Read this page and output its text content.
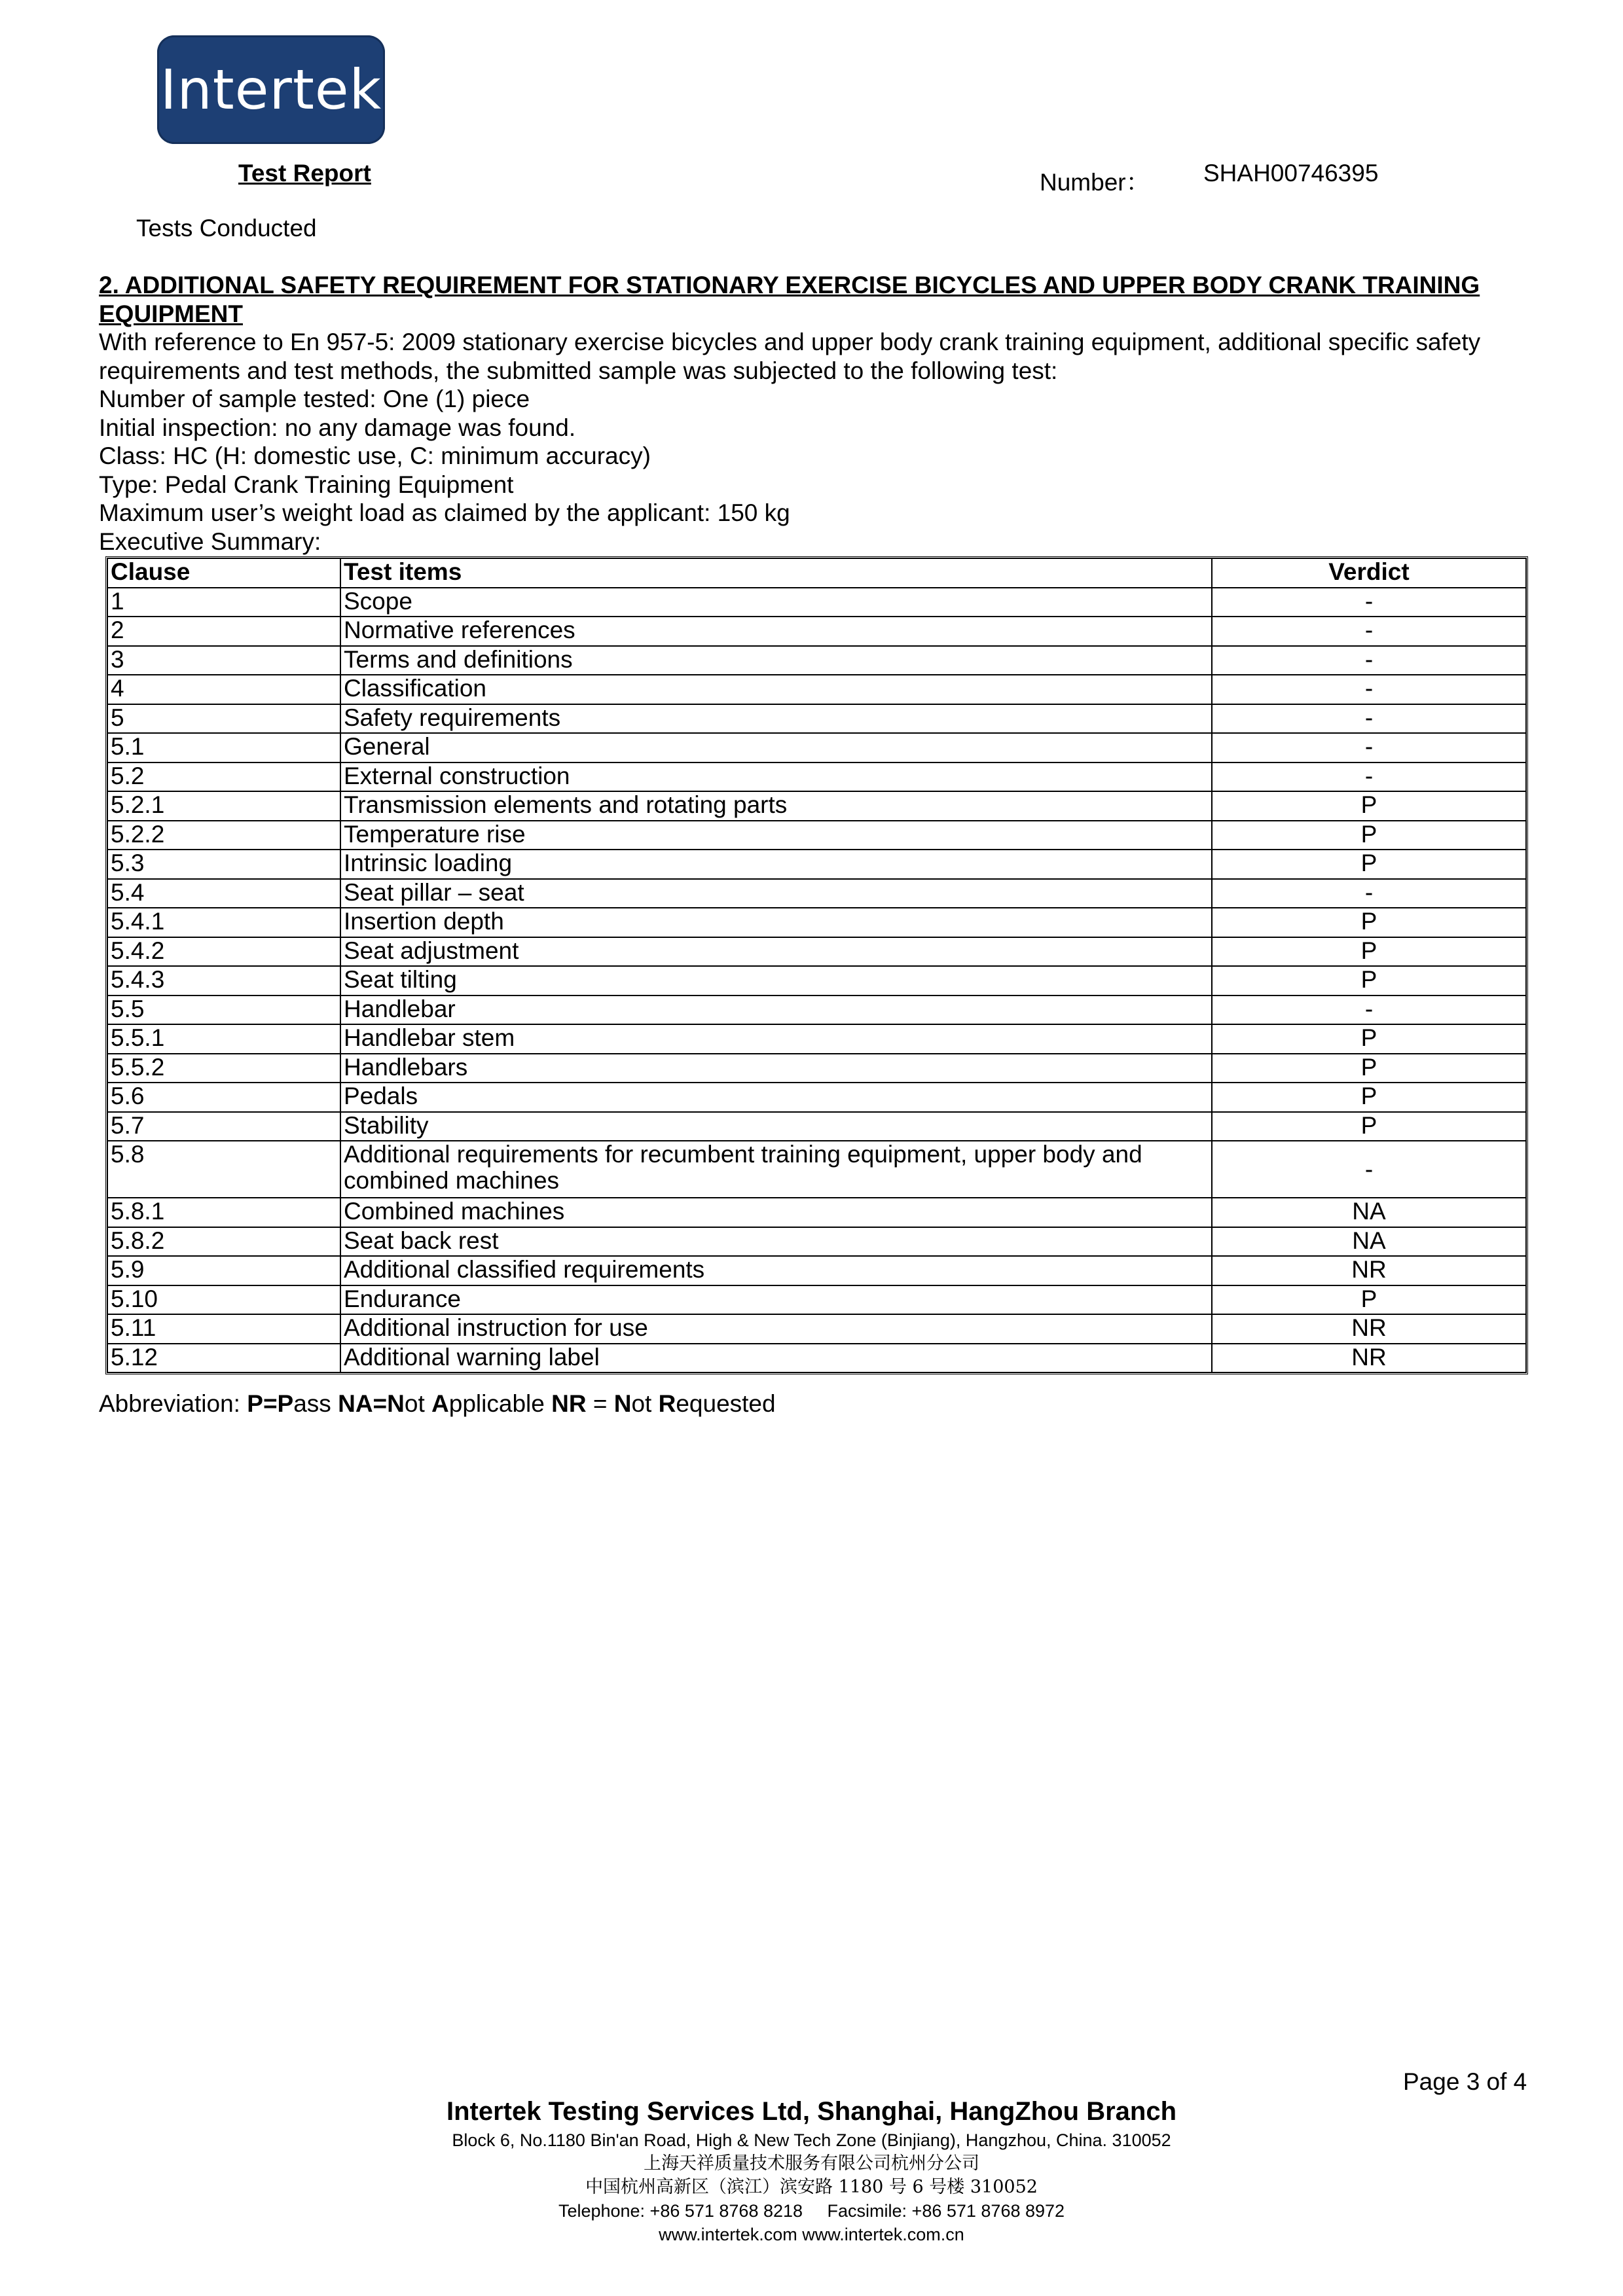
Intertek
Test Report	Number： SHAH00746395
Tests Conducted
2. ADDITIONAL SAFETY REQUIREMENT FOR STATIONARY EXERCISE BICYCLES AND UPPER BODY CRANK TRAINING
EQUIPMENT

With reference to En 957-5: 2009 stationary exercise bicycles and upper body crank training equipment, additional specific safety

requirements and test methods, the submitted sample was subjected to the following test:

Number of sample tested: One (1) piece

Initial inspection: no any damage was found.

Class: HC (H: domestic use, C: minimum accuracy)

Type: Pedal Crank Training Equipment

Maximum user’s weight load as claimed by the applicant: 150 kg

Executive Summary:

Clause	Test items	Verdict
1	Scope	-
2	Normative references	-
3	Terms and definitions	-
4	Classification	-
5	Safety requirements	-
5.1	General	-
5.2	External construction	-
5.2.1	Transmission elements and rotating parts	P
5.2.2	Temperature rise	P
5.3	Intrinsic loading	P
5.4	Seat pillar – seat	-
5.4.1	Insertion depth	P
5.4.2	Seat adjustment	P
5.4.3	Seat tilting	P
5.5	Handlebar	-
5.5.1	Handlebar stem	P
5.5.2	Handlebars	P
5.6	Pedals	P
5.7	Stability	P
5.8	Additional requirements for recumbent training equipment, upper body and
combined machines	-
5.8.1	Combined machines	NA
5.8.2	Seat back rest	NA
5.9	Additional classified requirements	NR
5.10	Endurance	P
5.11	Additional instruction for use	NR
5.12	Additional warning label	NR
Abbreviation: P=Pass NA=Not Applicable NR = Not Requested
Page 3 of 4
Intertek Testing Services Ltd, Shanghai, HangZhou Branch
Block 6, No.1180 Bin'an Road, High & New Tech Zone (Binjiang), Hangzhou, China. 310052
上海天祥质量技术服务有限公司杭州分公司
中国杭州高新区（滨江）滨安路 1180 号 6 号楼 310052
Telephone: +86 571 8768 8218     Facsimile: +86 571 8768 8972
www.intertek.com www.intertek.com.cn
